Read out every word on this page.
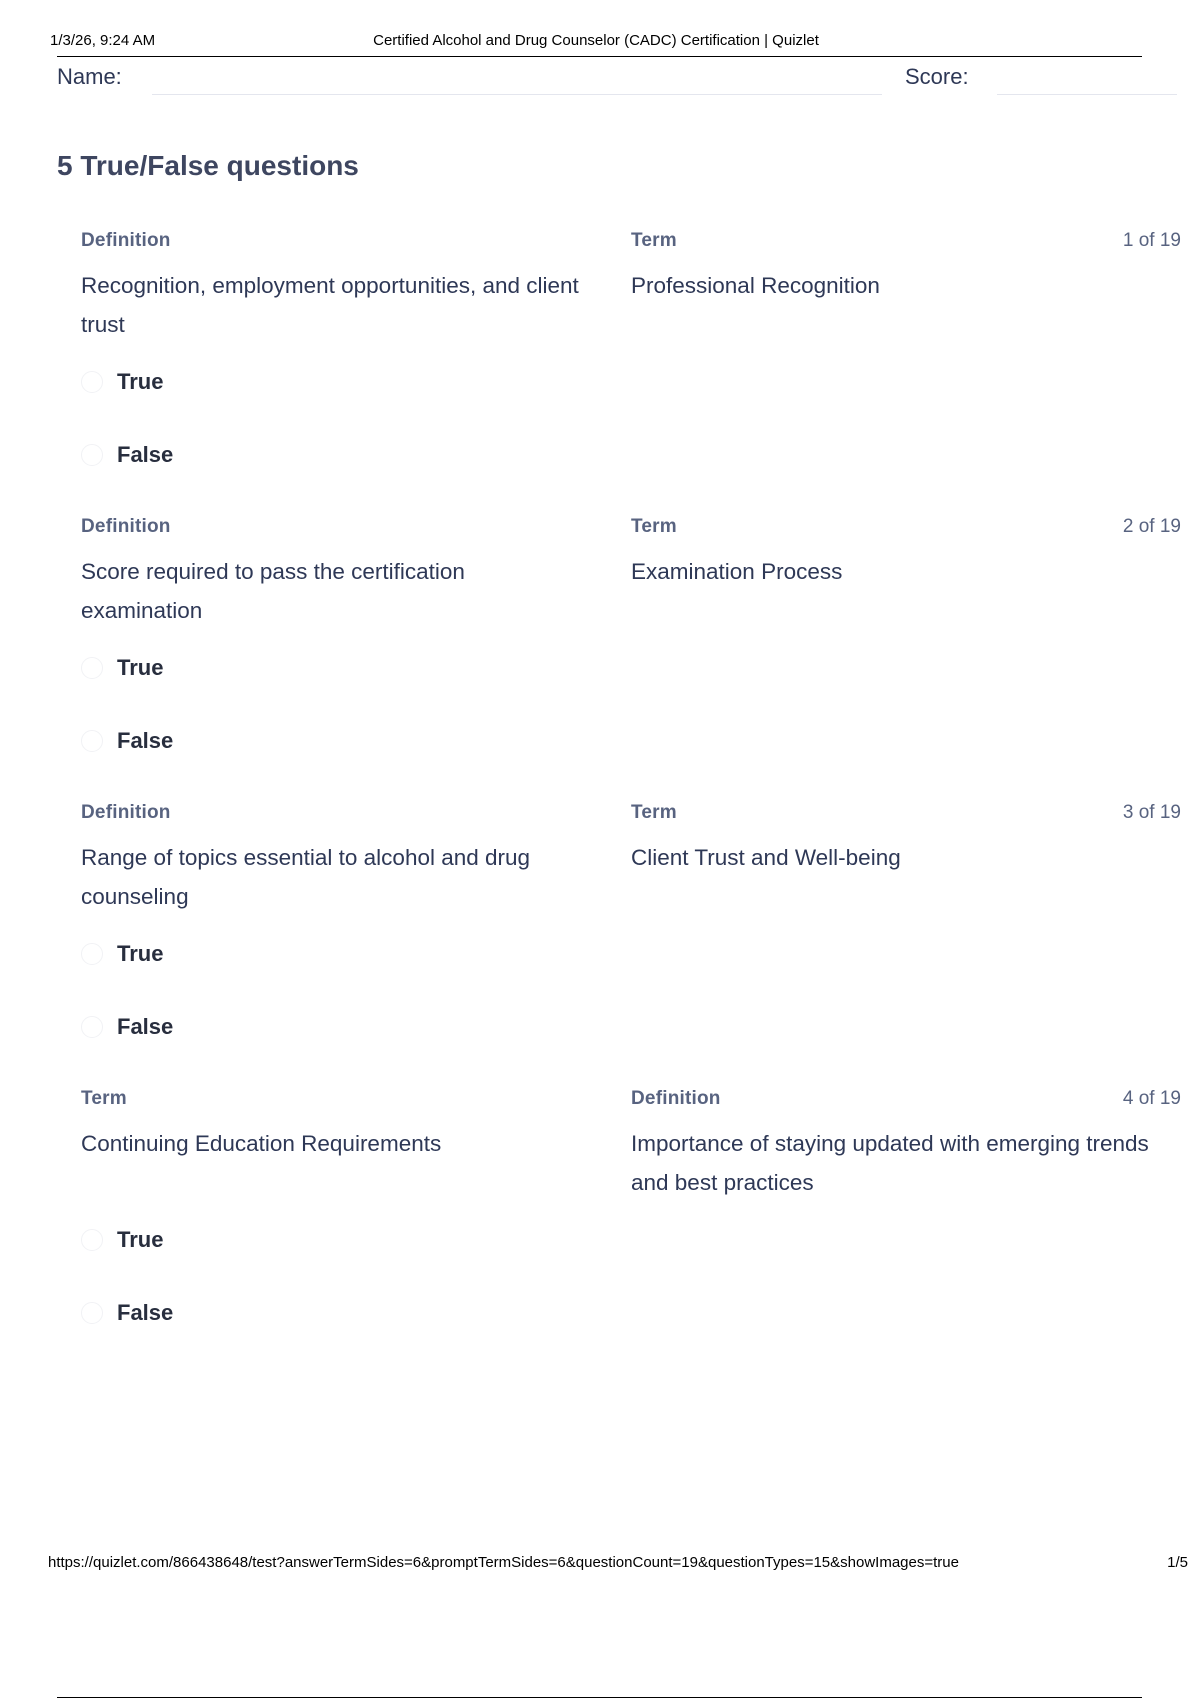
1/3/26, 9:24 AM	Certified Alcohol and Drug Counselor (CADC) Certification | Quizlet
Name:	Score:
5 True/False questions
Definition
Recognition, employment opportunities, and client trust
Term
Professional Recognition
1 of 19
True
False
Definition
Score required to pass the certification examination
Term
Examination Process
2 of 19
True
False
Definition
Range of topics essential to alcohol and drug counseling
Term
Client Trust and Well-being
3 of 19
True
False
Term
Continuing Education Requirements
Definition
Importance of staying updated with emerging trends and best practices
4 of 19
True
False
https://quizlet.com/866438648/test?answerTermSides=6&promptTermSides=6&questionCount=19&questionTypes=15&showImages=true	1/5
